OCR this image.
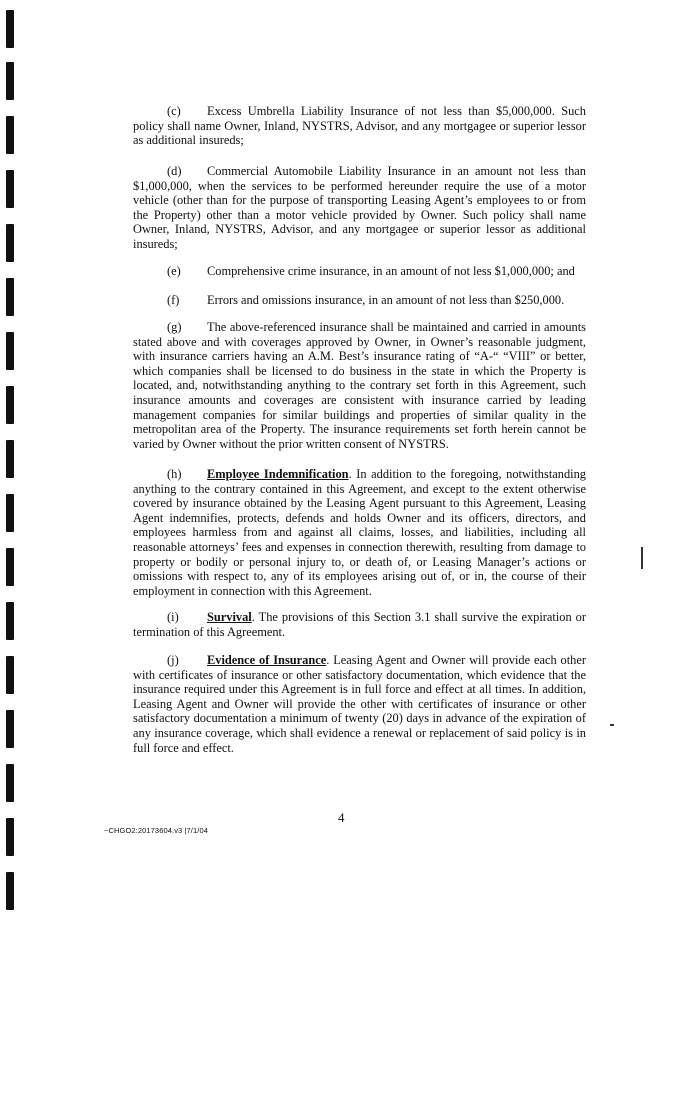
(c) Excess Umbrella Liability Insurance of not less than $5,000,000. Such policy shall name Owner, Inland, NYSTRS, Advisor, and any mortgagee or superior lessor as additional insureds;

(d) Commercial Automobile Liability Insurance in an amount not less than $1,000,000, when the services to be performed hereunder require the use of a motor vehicle (other than for the purpose of transporting Leasing Agent’s employees to or from the Property) other than a motor vehicle provided by Owner. Such policy shall name Owner, Inland, NYSTRS, Advisor, and any mortgagee or superior lessor as additional insureds;

(e) Comprehensive crime insurance, in an amount of not less $1,000,000; and

(f) Errors and omissions insurance, in an amount of not less than $250,000.

(g) The above-referenced insurance shall be maintained and carried in amounts stated above and with coverages approved by Owner, in Owner’s reasonable judgment, with insurance carriers having an A.M. Best’s insurance rating of “A-“ “VIII” or better, which companies shall be licensed to do business in the state in which the Property is located, and, notwithstanding anything to the contrary set forth in this Agreement, such insurance amounts and coverages are consistent with insurance carried by leading management companies for similar buildings and properties of similar quality in the metropolitan area of the Property. The insurance requirements set forth herein cannot be varied by Owner without the prior written consent of NYSTRS.

(h) Employee Indemnification. In addition to the foregoing, notwithstanding anything to the contrary contained in this Agreement, and except to the extent otherwise covered by insurance obtained by the Leasing Agent pursuant to this Agreement, Leasing Agent indemnifies, protects, defends and holds Owner and its officers, directors, and employees harmless from and against all claims, losses, and liabilities, including all reasonable attorneys’ fees and expenses in connection therewith, resulting from damage to property or bodily or personal injury to, or death of, or Leasing Manager’s actions or omissions with respect to, any of its employees arising out of, or in, the course of their employment in connection with this Agreement.

(i) Survival. The provisions of this Section 3.1 shall survive the expiration or termination of this Agreement.

(j) Evidence of Insurance. Leasing Agent and Owner will provide each other with certificates of insurance or other satisfactory documentation, which evidence that the insurance required under this Agreement is in full force and effect at all times. In addition, Leasing Agent and Owner will provide the other with certificates of insurance or other satisfactory documentation a minimum of twenty (20) days in advance of the expiration of any insurance coverage, which shall evidence a renewal or replacement of said policy is in full force and effect.

4
~CHGO2:20173604.v3 |7/1/04
